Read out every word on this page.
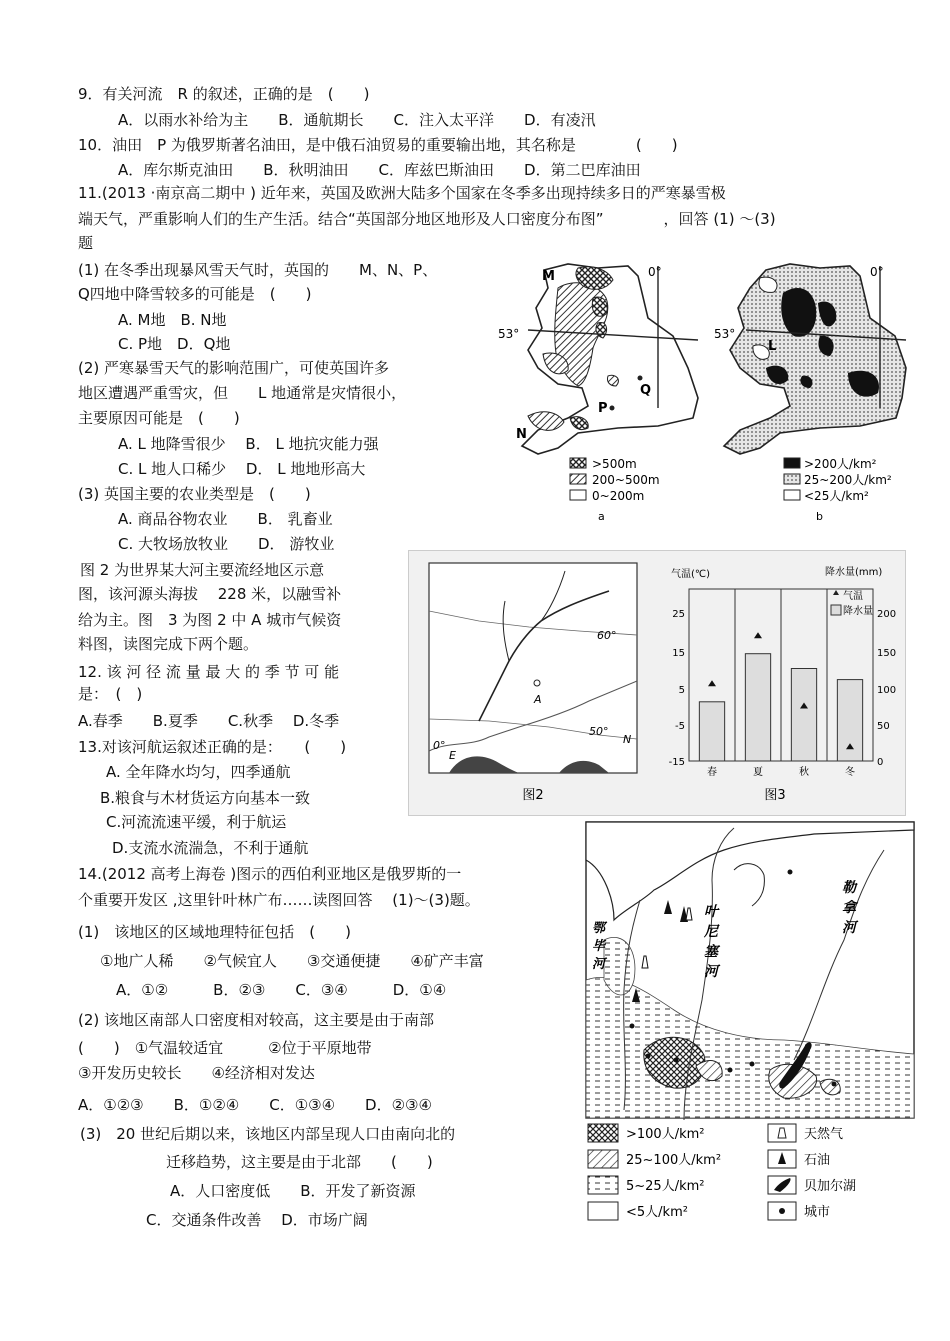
9．有关河流　R 的叙述，正确的是　(　　)
A．以雨水补给为主　　B．通航期长　　C．注入太平洋　　D．有凌汛
10．油田　P 为俄罗斯著名油田，是中俄石油贸易的重要输出地，其名称是　　　　(　　)
A．库尔斯克油田　　B．秋明油田　　C．库兹巴斯油田　　D．第二巴库油田
11.(2013 ·南京高二期中 ) 近年来，英国及欧洲大陆多个国家在冬季多出现持续多日的严寒暴雪极
端天气，严重影响人们的生产生活。结合“英国部分地区地形及人口密度分布图”　　　　，回答 (1) ～(3)
题
(1) 在冬季出现暴风雪天气时，英国的　　M、N、P、
Q四地中降雪较多的可能是　(　　)
A. M地　B. N地
C. P地　D．Q地
(2) 严寒暴雪天气的影响范围广，可使英国许多
地区遭遇严重雪灾，但　　L 地通常是灾情很小，
主要原因可能是　(　　)
A. L 地降雪很少　 B． L 地抗灾能力强
C. L 地人口稀少　 D． L 地地形高大
(3) 英国主要的农业类型是　(　　)
A. 商品谷物农业　　B． 乳畜业
C. 大牧场放牧业　　D． 游牧业
图 2 为世界某大河主要流经地区示意
图，该河源头海拔　 228 米，以融雪补
给为主。图　3 为图 2 中 A 城市气候资
料图，读图完成下两个题。
12. 该 河 径 流 量 最 大 的 季 节 可 能
是：　(　)
A.春季　　B.夏季　　C.秋季　 D.冬季
13.对该河航运叙述正确的是：　　(　　)
A. 全年降水均匀，四季通航
B.粮食与木材货运方向基本一致
C.河流流速平缓，利于航运
D.支流水流湍急，不利于通航
14.(2012 高考上海卷 )图示的西伯利亚地区是俄罗斯的一
个重要开发区 ,这里针叶林广布……读图回答　 (1)～(3)题。
(1)　该地区的区域地理特征包括　(　　)
①地广人稀　　②气候宜人　　③交通便捷　　④矿产丰富
A．①②　　　B．②③　　C．③④　　　D．①④
(2) 该地区南部人口密度相对较高，这主要是由于南部
(　　)　①气温较适宜　　　②位于平原地带
③开发历史较长　　④经济相对发达
A．①②③　　B．①②④　　C．①③④　　D．②③④
(3)　20 世纪后期以来，该地区内部呈现人口由南向北的
迁移趋势，这主要是由于北部　　(　　)
A．人口密度低　　B．开发了新资源
C．交通条件改善　 D．市场广阔
M
N
P
Q
0°
53°
>500m
200~500m
0~200m
a
L
0°
53°
>200人/km²
25~200人/km²
<25人/km²
b
60°
50°
N
A
0°
E
图2
气温(℃)	降水量(mm)
25
15
5
-5
-15
200
150
100
50
0
气温
降水量
春	夏	秋	冬
图3
叶
尼
塞
河
勒
拿
河
鄂
毕
河
>100人/km²
25~100人/km²
5~25人/km²
<5人/km²
天然气
石油
贝加尔湖
城市
